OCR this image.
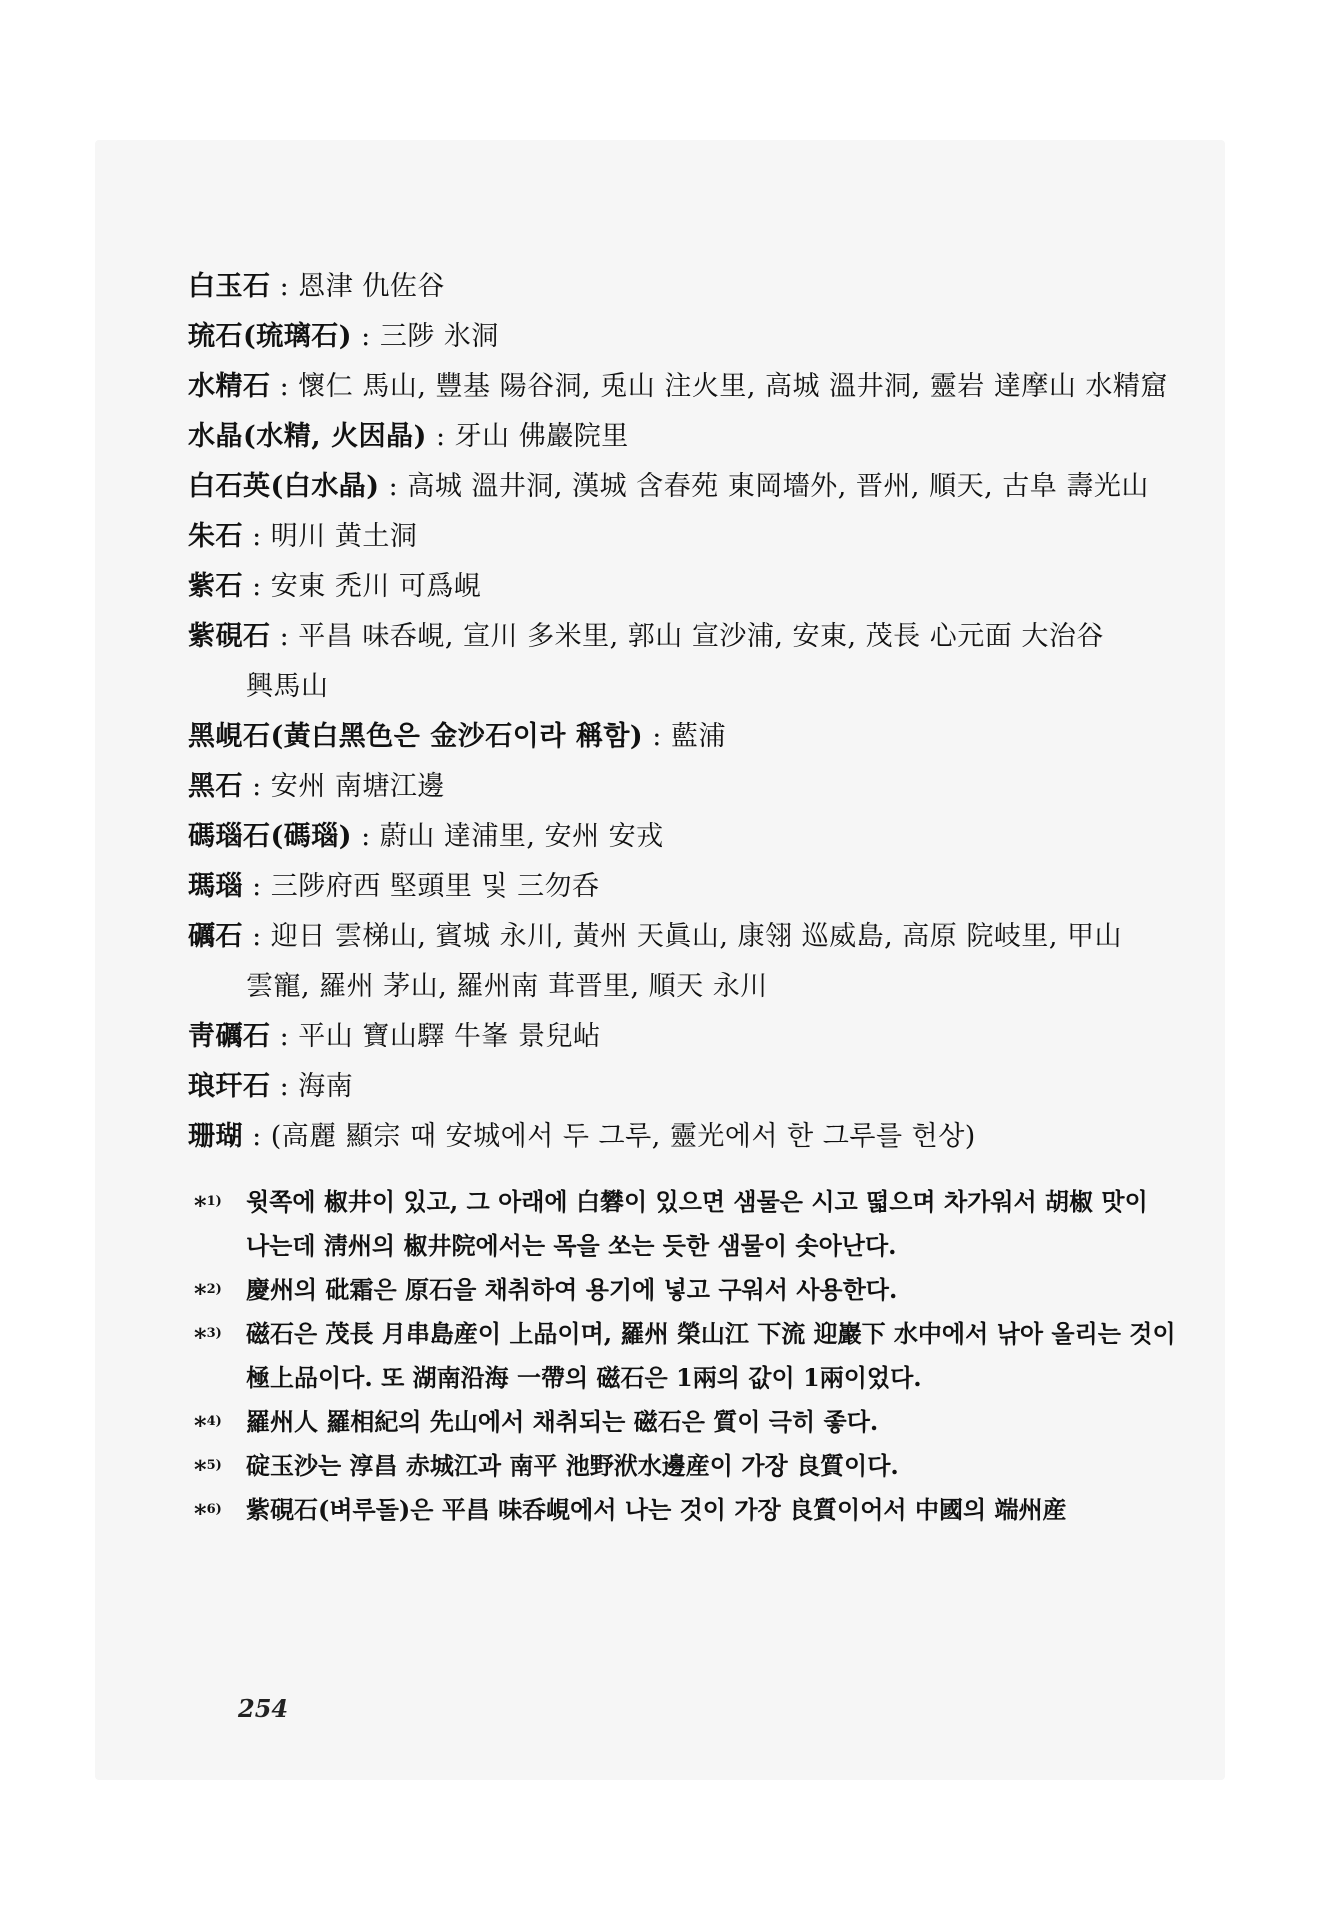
白玉石 : 恩津 仇佐谷

琉石(琉璃石) : 三陟 氷洞

水精石 : 懷仁 馬山, 豐基 陽谷洞, 兎山 注火里, 高城 溫井洞, 靈岩 達摩山 水精窟

水晶(水精, 火因晶) : 牙山 佛巖院里

白石英(白水晶) : 高城 溫井洞, 漢城 含春苑 東岡墻外, 晋州, 順天, 古阜 壽光山

朱石 : 明川 黄土洞

紫石 : 安東 禿川 可爲峴

紫硯石 : 平昌 味呑峴, 宣川 多米里, 郭山 宣沙浦, 安東, 茂長 心元面 大治谷 興馬山

黑峴石(黃白黑色은 金沙石이라 稱함) : 藍浦

黑石 : 安州 南塘江邊

碼瑙石(碼瑙) : 蔚山 達浦里, 安州 安戎

瑪瑙 : 三陟府西 堅頭里 및 三勿呑

礪石 : 迎日 雲梯山, 賓城 永川, 黃州 天眞山, 康翎 巡威島, 高原 院岐里, 甲山 雲寵, 羅州 茅山, 羅州南 茸晋里, 順天 永川

靑礪石 : 平山 寶山驛 牛峯 景兒岾

琅玕石 : 海南

珊瑚 : (高麗 顯宗 때 安城에서 두 그루, 靈光에서 한 그루를 헌상)

*$^{1)}$	윗쪽에 椒井이 있고, 그 아래에 白礬이 있으면 샘물은 시고 떫으며 차가워서 胡椒 맛이 나는데 淸州의 椒井院에서는 목을 쏘는 듯한 샘물이 솟아난다.

*$^{2)}$	慶州의 砒霜은 原石을 채취하여 용기에 넣고 구워서 사용한다.

*$^{3)}$	磁石은 茂長 月串島産이 上品이며, 羅州 榮山江 下流 迎巖下 水中에서 낚아 올리는 것이 極上品이다. 또 湖南沿海 一帶의 磁石은 1兩의 값이 1兩이었다.

*$^{4)}$	羅州人 羅相紀의 先山에서 채취되는 磁石은 質이 극히 좋다.

*$^{5)}$	碇玉沙는 淳昌 赤城江과 南平 池野洑水邊産이 가장 良質이다.

*$^{6)}$	紫硯石(벼루돌)은 平昌 味呑峴에서 나는 것이 가장 良質이어서 中國의 端州産

254
